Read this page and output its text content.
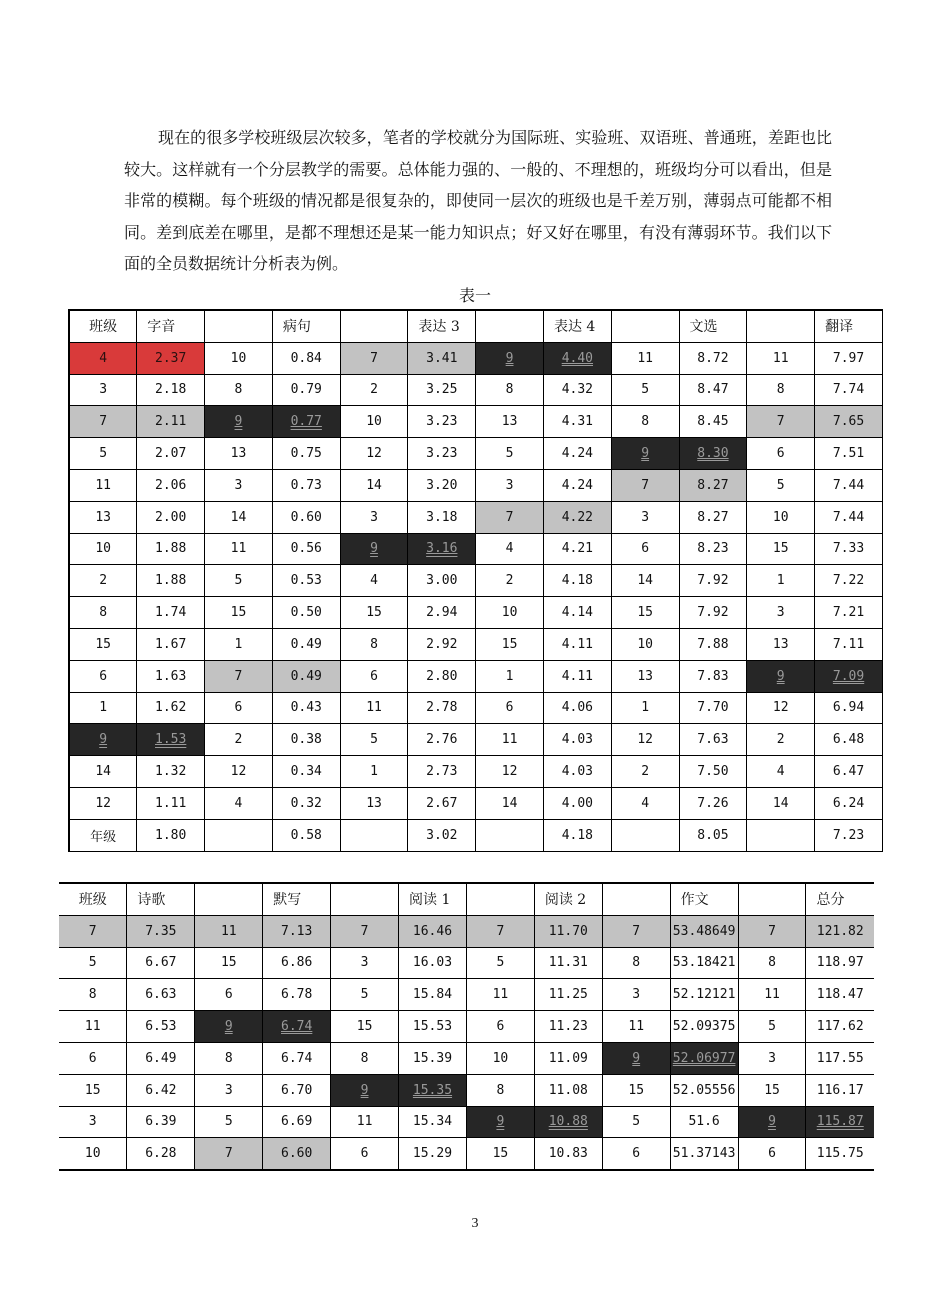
现在的很多学校班级层次较多，笔者的学校就分为国际班、实验班、双语班、普通班，差距也比较大。这样就有一个分层教学的需要。总体能力强的、一般的、不理想的，班级均分可以看出，但是非常的模糊。每个班级的情况都是很复杂的，即使同一层次的班级也是千差万别，薄弱点可能都不相同。差到底差在哪里，是都不理想还是某一能力知识点；好又好在哪里，有没有薄弱环节。我们以下面的全员数据统计分析表为例。

表一
班级	字音		病句		表达 3		表达 4		文选		翻译
4	2.37	10	0.84	7	3.41	9	4.40	11	8.72	11	7.97
3	2.18	8	0.79	2	3.25	8	4.32	5	8.47	8	7.74
7	2.11	9	0.77	10	3.23	13	4.31	8	8.45	7	7.65
5	2.07	13	0.75	12	3.23	5	4.24	9	8.30	6	7.51
11	2.06	3	0.73	14	3.20	3	4.24	7	8.27	5	7.44
13	2.00	14	0.60	3	3.18	7	4.22	3	8.27	10	7.44
10	1.88	11	0.56	9	3.16	4	4.21	6	8.23	15	7.33
2	1.88	5	0.53	4	3.00	2	4.18	14	7.92	1	7.22
8	1.74	15	0.50	15	2.94	10	4.14	15	7.92	3	7.21
15	1.67	1	0.49	8	2.92	15	4.11	10	7.88	13	7.11
6	1.63	7	0.49	6	2.80	1	4.11	13	7.83	9	7.09
1	1.62	6	0.43	11	2.78	6	4.06	1	7.70	12	6.94
9	1.53	2	0.38	5	2.76	11	4.03	12	7.63	2	6.48
14	1.32	12	0.34	1	2.73	12	4.03	2	7.50	4	6.47
12	1.11	4	0.32	13	2.67	14	4.00	4	7.26	14	6.24
年级	1.80		0.58		3.02		4.18		8.05		7.23
班级	诗歌		默写		阅读 1		阅读 2		作文		总分
7	7.35	11	7.13	7	16.46	7	11.70	7	53.48649	7	121.82
5	6.67	15	6.86	3	16.03	5	11.31	8	53.18421	8	118.97
8	6.63	6	6.78	5	15.84	11	11.25	3	52.12121	11	118.47
11	6.53	9	6.74	15	15.53	6	11.23	11	52.09375	5	117.62
6	6.49	8	6.74	8	15.39	10	11.09	9	52.06977	3	117.55
15	6.42	3	6.70	9	15.35	8	11.08	15	52.05556	15	116.17
3	6.39	5	6.69	11	15.34	9	10.88	5	51.6	9	115.87
10	6.28	7	6.60	6	15.29	15	10.83	6	51.37143	6	115.75
3
